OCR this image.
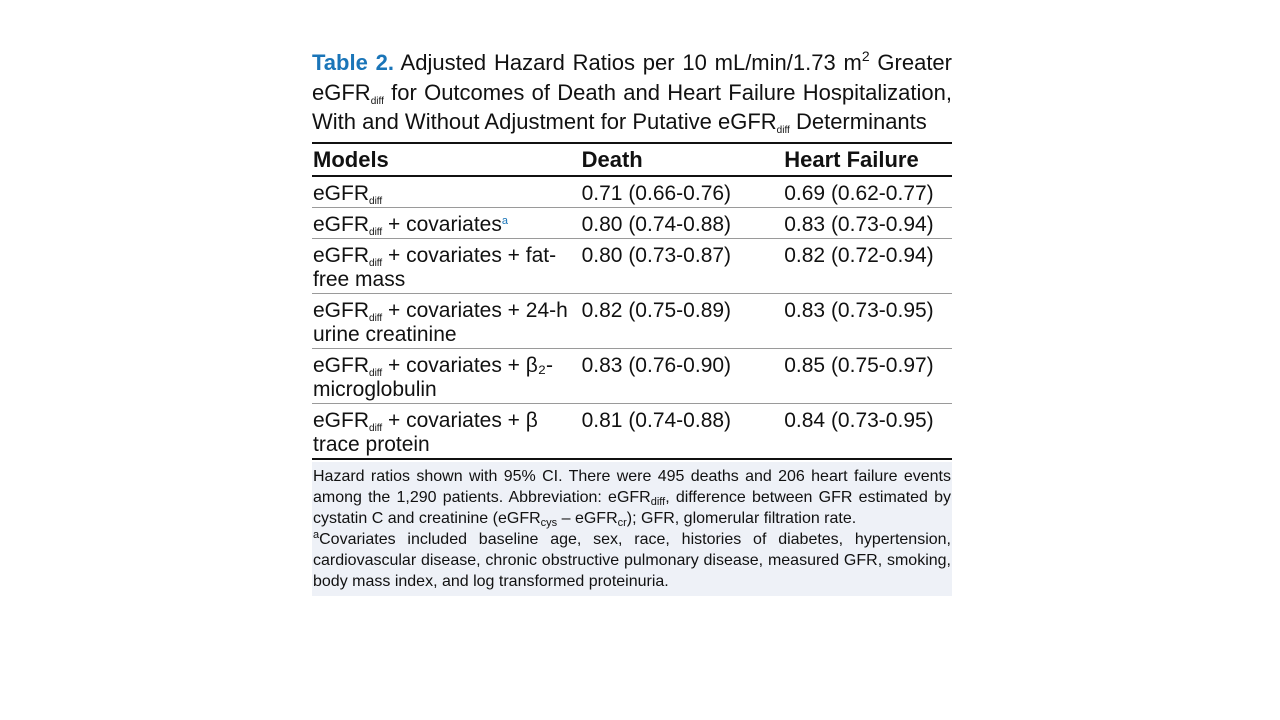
Table 2. Adjusted Hazard Ratios per 10 mL/min/1.73 $m^2$ Greater eGFR$_{diff}$ for Outcomes of Death and Heart Failure Hospitalization, With and Without Adjustment for Putative eGFR$_{diff}$ Determinants

Models	Death	Heart Failure
eGFR$_{diff}$	0.71 (0.66-0.76)	0.69 (0.62-0.77)
eGFR$_{diff}$ + covariates$^a$	0.80 (0.74-0.88)	0.83 (0.73-0.94)
eGFR$_{diff}$ + covariates + fat-free mass	0.80 (0.73-0.87)	0.82 (0.72-0.94)
eGFR$_{diff}$ + covariates + 24-h urine creatinine	0.82 (0.75-0.89)	0.83 (0.73-0.95)
eGFR$_{diff}$ + covariates + β₂-microglobulin	0.83 (0.76-0.90)	0.85 (0.75-0.97)
eGFR$_{diff}$ + covariates + β trace protein	0.81 (0.74-0.88)	0.84 (0.73-0.95)

Hazard ratios shown with 95% CI. There were 495 deaths and 206 heart failure events among the 1,290 patients. Abbreviation: eGFR$_{diff}$, difference between GFR estimated by cystatin C and creatinine (eGFR$_{cys}$ – eGFR$_{cr}$); GFR, glomerular filtration rate.

$^a$Covariates included baseline age, sex, race, histories of diabetes, hypertension, cardiovascular disease, chronic obstructive pulmonary disease, measured GFR, smoking, body mass index, and log transformed proteinuria.
